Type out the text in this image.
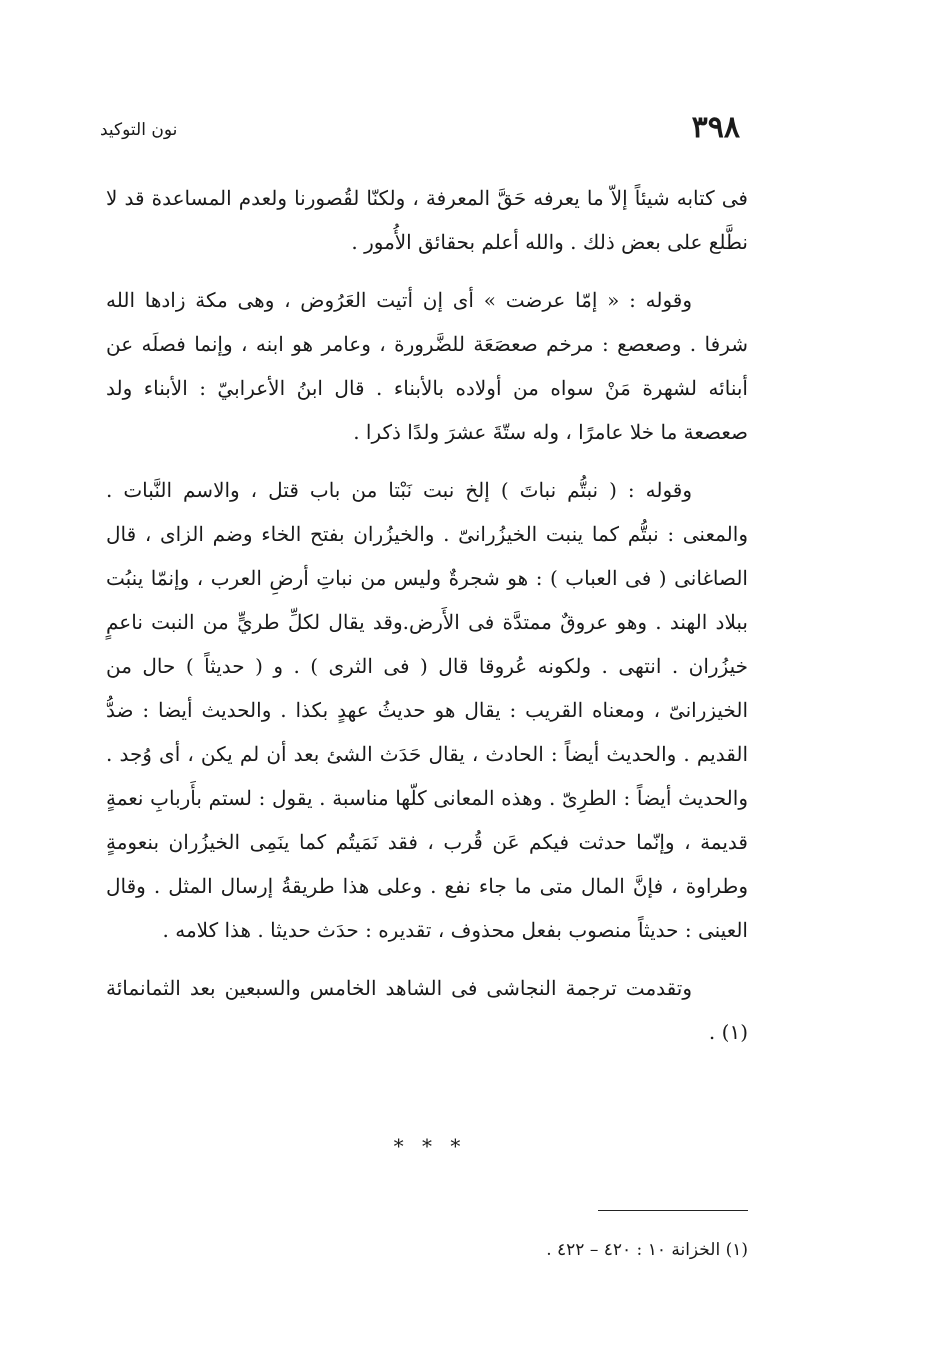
٣٩٨
نون التوكيد

فى كتابه شيئاً إلاّ ما يعرفه حَقَّ المعرفة ، ولكنّا لقُصورنا ولعدم المساعدة قد لا نطَّلع على بعض ذلك . والله أعلم بحقائق الأُمور .

وقوله : « إمّا عرضت » أى إن أتيت العَرُوض ، وهى مكة زادها الله شرفا . وصعصع : مرخم صعصَعَة للضَّرورة ، وعامر هو ابنه ، وإنما فصلَه عن أبنائه لشهرة مَنْ سواه من أولاده بالأبناء . قال ابنُ الأعرابيّ : الأبناء ولد صعصعة ما خلا عامرًا ، وله ستّةَ عشرَ ولدًا ذكرا .

وقوله : ( نبتُّم نباتَ ) إلخ نبت نَبْتا من باب قتل ، والاسم النَّبات . والمعنى : نبتُّم كما ينبت الخيزُرانىّ . والخيزُران بفتح الخاء وضم الزاى ، قال الصاغانى ( فى العباب ) : هو شجرةٌ وليس من نباتِ أرضِ العرب ، وإنمّا ينبُت ببلاد الهند . وهو عروقٌ ممتدَّة فى الأَرض.وقد يقال لكلِّ طريٍّ من النبت ناعمٍ خيزُران . انتهى . ولكونه عُروقا قال ( فى الثرى ) . و ( حديثاً ) حال من الخيزرانىّ ، ومعناه القريب : يقال هو حديثُ عهدٍ بكذا . والحديث أيضا : ضدُّ القديم . والحديث أيضاً : الحادث ، يقال حَدَث الشئ بعد أن لم يكن ، أى وُجد . والحديث أيضاً : الطرِىّ . وهذه المعانى كلّها مناسبة . يقول : لستم بأَربابِ نعمةٍ قديمة ، وإنّما حدثت فيكم عَن قُرب ، فقد نَمَيتُم كما ينَمِى الخيزُران بنعومةٍ وطراوة ، فإنَّ المال متى ما جاء نفع . وعلى هذا طريقةُ إرسال المثل . وقال العينى : حديثاً منصوب بفعل محذوف ، تقديره : حدَث حديثا . هذا كلامه .

وتقدمت ترجمة النجاشى فى الشاهد الخامس والسبعين بعد الثمانمائة (١) .

* * *
(١) الخزانة ١٠ : ٤٢٠ – ٤٢٢ .
